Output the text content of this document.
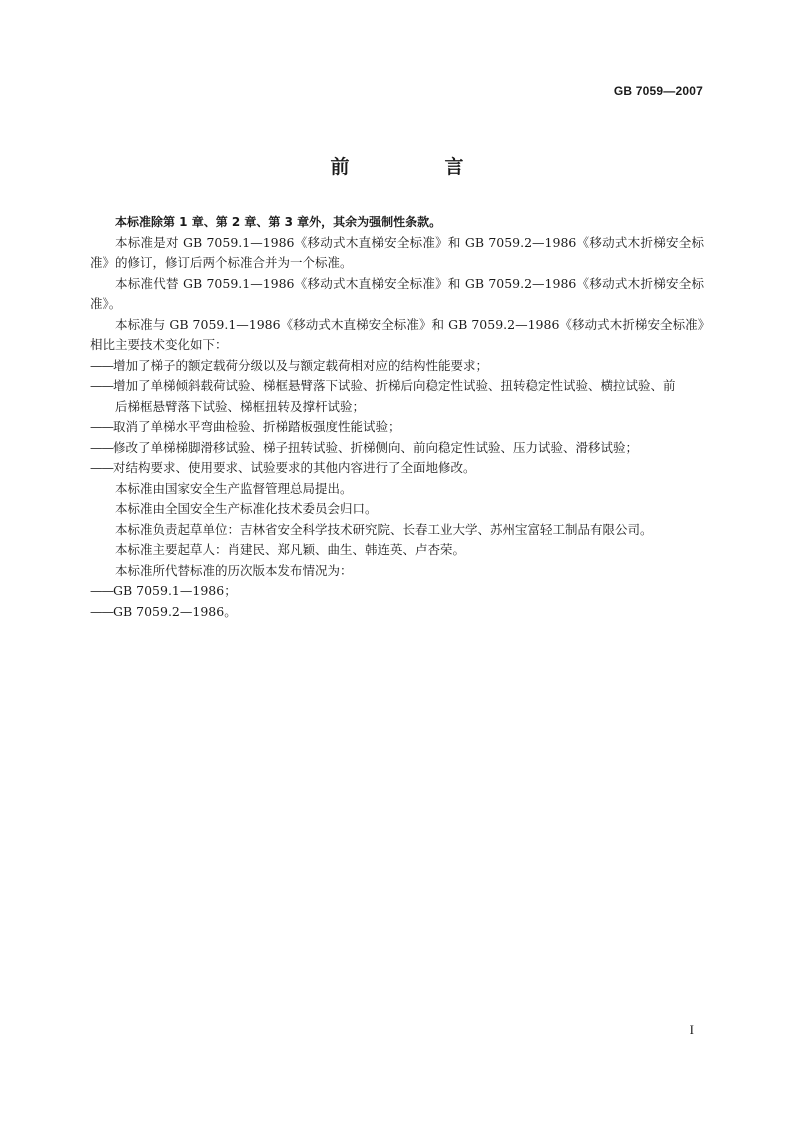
GB 7059—2007
前　言

本标准除第 1 章、第 2 章、第 3 章外，其余为强制性条款。

本标准是对 GB 7059.1—1986《移动式木直梯安全标准》和 GB 7059.2—1986《移动式木折梯安全标准》的修订，修订后两个标准合并为一个标准。

本标准代替 GB 7059.1—1986《移动式木直梯安全标准》和 GB 7059.2—1986《移动式木折梯安全标准》。

本标准与 GB 7059.1—1986《移动式木直梯安全标准》和 GB 7059.2—1986《移动式木折梯安全标准》相比主要技术变化如下：

——增加了梯子的额定载荷分级以及与额定载荷相对应的结构性能要求；

——增加了单梯倾斜载荷试验、梯框悬臂落下试验、折梯后向稳定性试验、扭转稳定性试验、横拉试验、前后梯框悬臂落下试验、梯框扭转及撑杆试验；

——取消了单梯水平弯曲检验、折梯踏板强度性能试验；

——修改了单梯梯脚滑移试验、梯子扭转试验、折梯侧向、前向稳定性试验、压力试验、滑移试验；

——对结构要求、使用要求、试验要求的其他内容进行了全面地修改。

本标准由国家安全生产监督管理总局提出。

本标准由全国安全生产标准化技术委员会归口。

本标准负责起草单位：吉林省安全科学技术研究院、长春工业大学、苏州宝富轻工制品有限公司。

本标准主要起草人：肖建民、郑凡颖、曲生、韩连英、卢杏荣。

本标准所代替标准的历次版本发布情况为：

——GB 7059.1—1986；

——GB 7059.2—1986。

I
